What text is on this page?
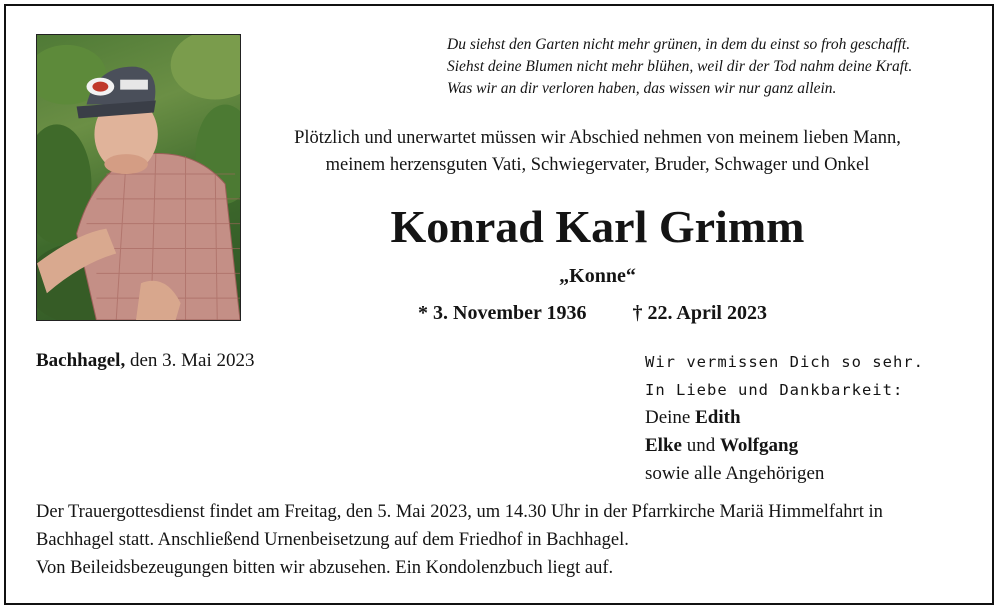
Du siehst den Garten nicht mehr grünen, in dem du einst so froh geschafft.
Siehst deine Blumen nicht mehr blühen, weil dir der Tod nahm deine Kraft.
Was wir an dir verloren haben, das wissen wir nur ganz allein.
Plötzlich und unerwartet müssen wir Abschied nehmen von meinem lieben Mann,
meinem herzensguten Vati, Schwiegervater, Bruder, Schwager und Onkel
Konrad Karl Grimm
„Konne“
* 3. November 1936 † 22. April 2023
Bachhagel, den 3. Mai 2023	Wir vermissen Dich so sehr.
In Liebe und Dankbarkeit:
Deine Edith
Elke und Wolfgang
sowie alle Angehörigen
Der Trauergottesdienst findet am Freitag, den 5. Mai 2023, um 14.30 Uhr in der Pfarrkirche Mariä Himmelfahrt in
Bachhagel statt. Anschließend Urnenbeisetzung auf dem Friedhof in Bachhagel.
Von Beileidsbezeugungen bitten wir abzusehen. Ein Kondolenzbuch liegt auf.
